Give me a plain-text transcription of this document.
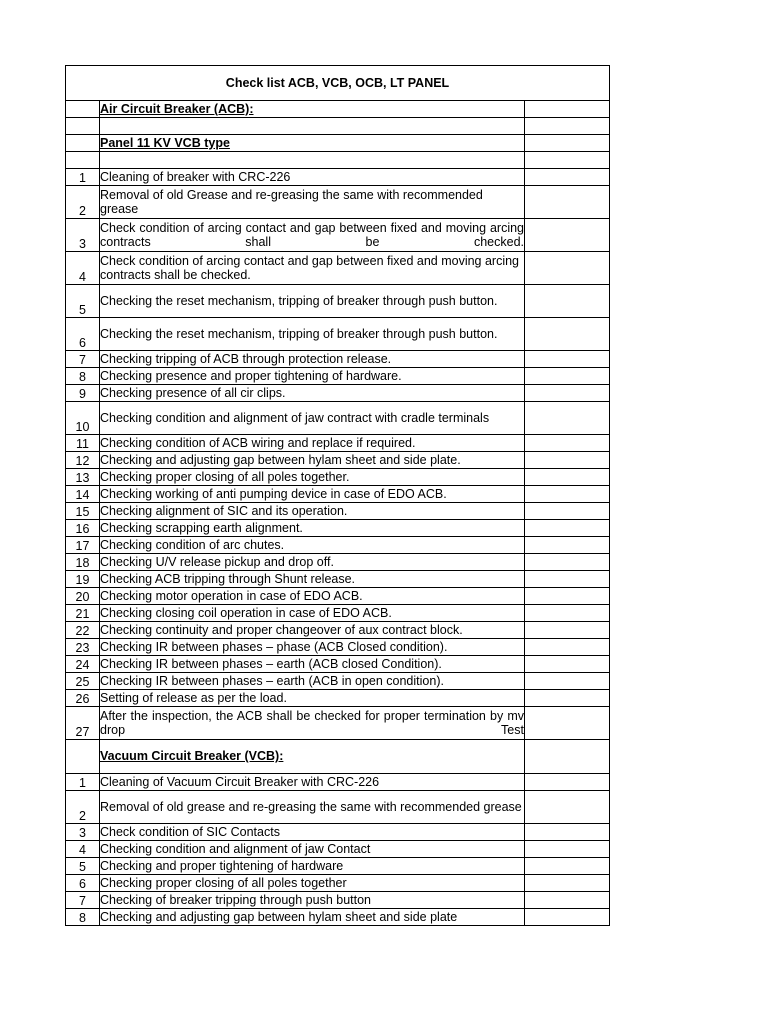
Check list ACB, VCB, OCB, LT PANEL		
	Air Circuit Breaker (ACB):	

	Panel 11 KV VCB type	

1	Cleaning of breaker with CRC-226	
2	Removal of old Grease and re-greasing the same with recommended grease	
3	Check condition of arcing contact and gap between fixed and moving arcing contracts shall be checked.	
4	Check condition of arcing contact and gap between fixed and moving arcing contracts shall be checked.	
5	Checking the reset mechanism, tripping of breaker through push button.	
6	Checking the reset mechanism, tripping of breaker through push button.	
7	Checking tripping of ACB through protection release.	
8	Checking presence and proper tightening of hardware.	
9	Checking presence of all cir clips.	
10	Checking condition and alignment of jaw contract with cradle terminals	
11	Checking condition of ACB wiring and replace if required.	
12	Checking and adjusting gap between hylam sheet and side plate.	
13	Checking proper closing of all poles together.	
14	Checking working of anti pumping device in case of EDO ACB.	
15	Checking alignment of SIC and its operation.	
16	Checking scrapping earth alignment.	
17	Checking condition of arc chutes.	
18	Checking U/V release pickup and drop off.	
19	Checking ACB tripping through Shunt release.	
20	Checking motor operation in case of EDO ACB.	
21	Checking closing coil operation in case of EDO ACB.	
22	Checking continuity and proper changeover of aux contract block.	
23	Checking IR between phases – phase (ACB Closed condition).	
24	Checking IR between phases – earth (ACB closed Condition).	
25	Checking IR between phases – earth (ACB in open condition).	
26	Setting of release as per the load.	
27	After the inspection, the ACB shall be checked for proper termination by mv drop Test	
	Vacuum Circuit Breaker (VCB):	
1	Cleaning of Vacuum Circuit Breaker with CRC-226	
2	Removal of old grease and re-greasing the same with recommended grease	
3	Check condition of SIC Contacts	
4	Checking condition and alignment of jaw Contact	
5	Checking and proper tightening of hardware	
6	Checking proper closing of all poles together	
7	Checking of breaker tripping through push button	
8	Checking and adjusting gap between hylam sheet and side plate	
